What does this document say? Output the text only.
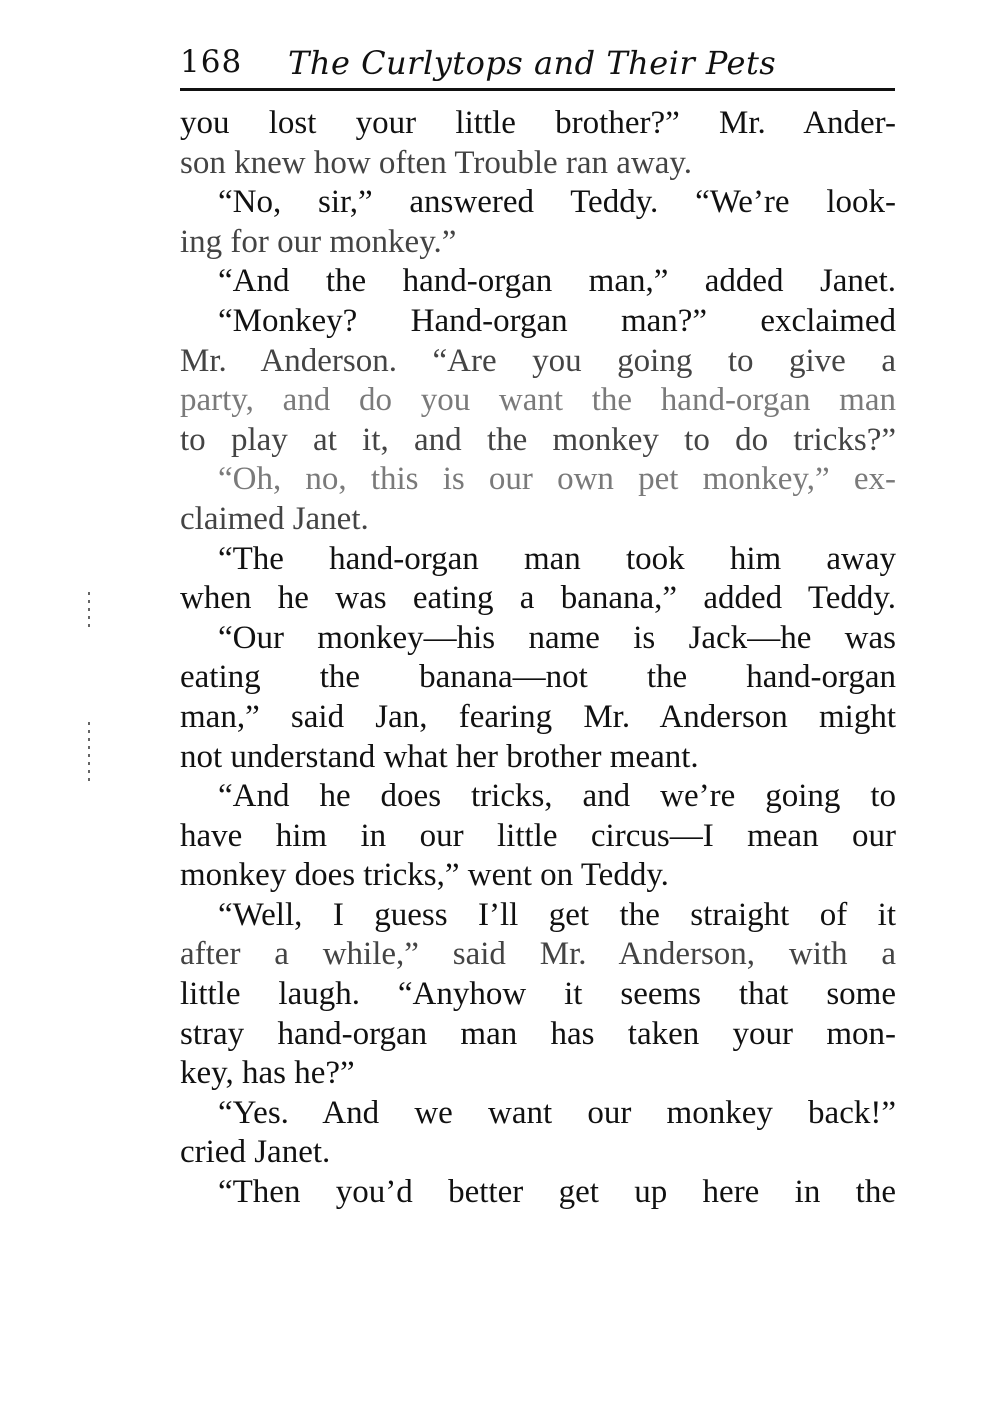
168 The Curlytops and Their Pets
you lost your little brother?” Mr. Ander-
son knew how often Trouble ran away.
“No, sir,” answered Teddy. “We’re look-
ing for our monkey.”
“And the hand-organ man,” added Janet.
“Monkey? Hand-organ man?” exclaimed
Mr. Anderson. “Are you going to give a
party, and do you want the hand-organ man
to play at it, and the monkey to do tricks?”
“Oh, no, this is our own pet monkey,” ex-
claimed Janet.
“The hand-organ man took him away
when he was eating a banana,” added Teddy.
“Our monkey—his name is Jack—he was
eating the banana—not the hand-organ
man,” said Jan, fearing Mr. Anderson might
not understand what her brother meant.
“And he does tricks, and we’re going to
have him in our little circus—I mean our
monkey does tricks,” went on Teddy.
“Well, I guess I’ll get the straight of it
after a while,” said Mr. Anderson, with a
little laugh. “Anyhow it seems that some
stray hand-organ man has taken your mon-
key, has he?”
“Yes. And we want our monkey back!”
cried Janet.
“Then you’d better get up here in the
